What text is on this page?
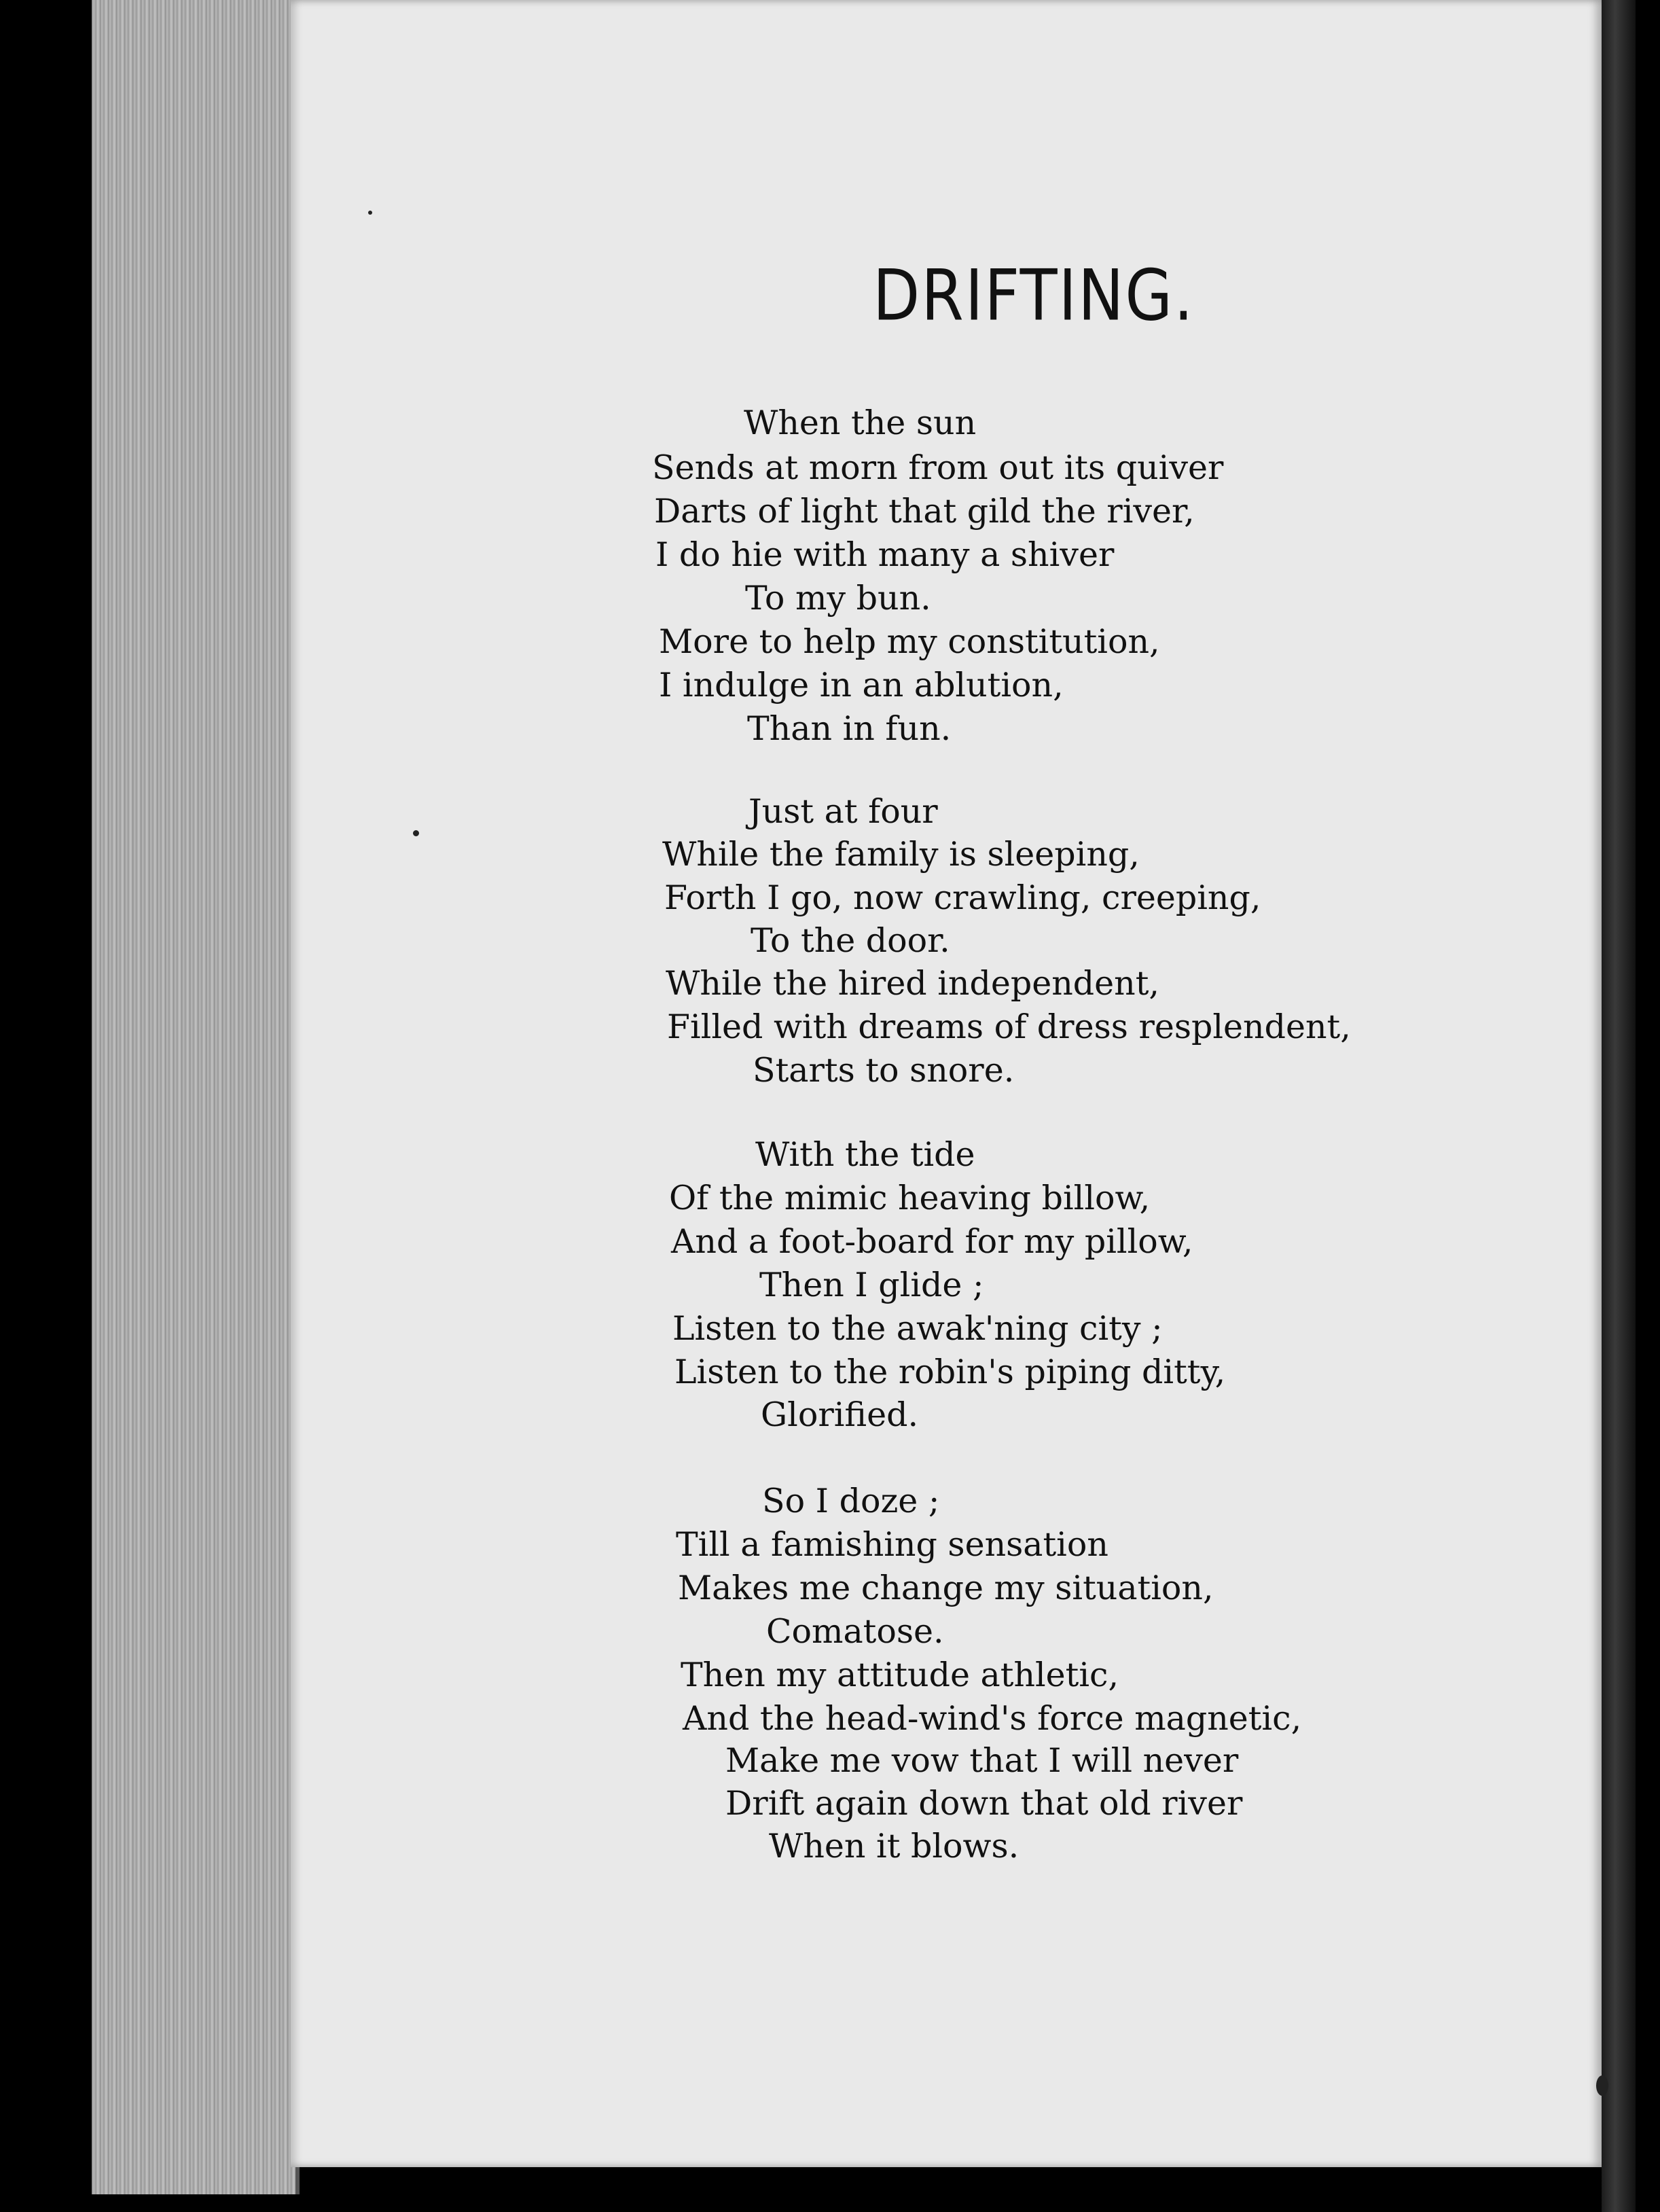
DRIFTING.
When the sun
Sends at morn from out its quiver
Darts of light that gild the river,
I do hie with many a shiver
To my bun.
More to help my constitution,
I indulge in an ablution,
Than in fun.
Just at four
While the family is sleeping,
Forth I go, now crawling, creeping,
To the door.
While the hired independent,
Filled with dreams of dress resplendent,
Starts to snore.
With the tide
Of the mimic heaving billow,
And a foot-board for my pillow,
Then I glide ;
Listen to the awak'ning city ;
Listen to the robin's piping ditty,
Glorified.
So I doze ;
Till a famishing sensation
Makes me change my situation,
Comatose.
Then my attitude athletic,
And the head-wind's force magnetic,
Make me vow that I will never
Drift again down that old river
When it blows.
